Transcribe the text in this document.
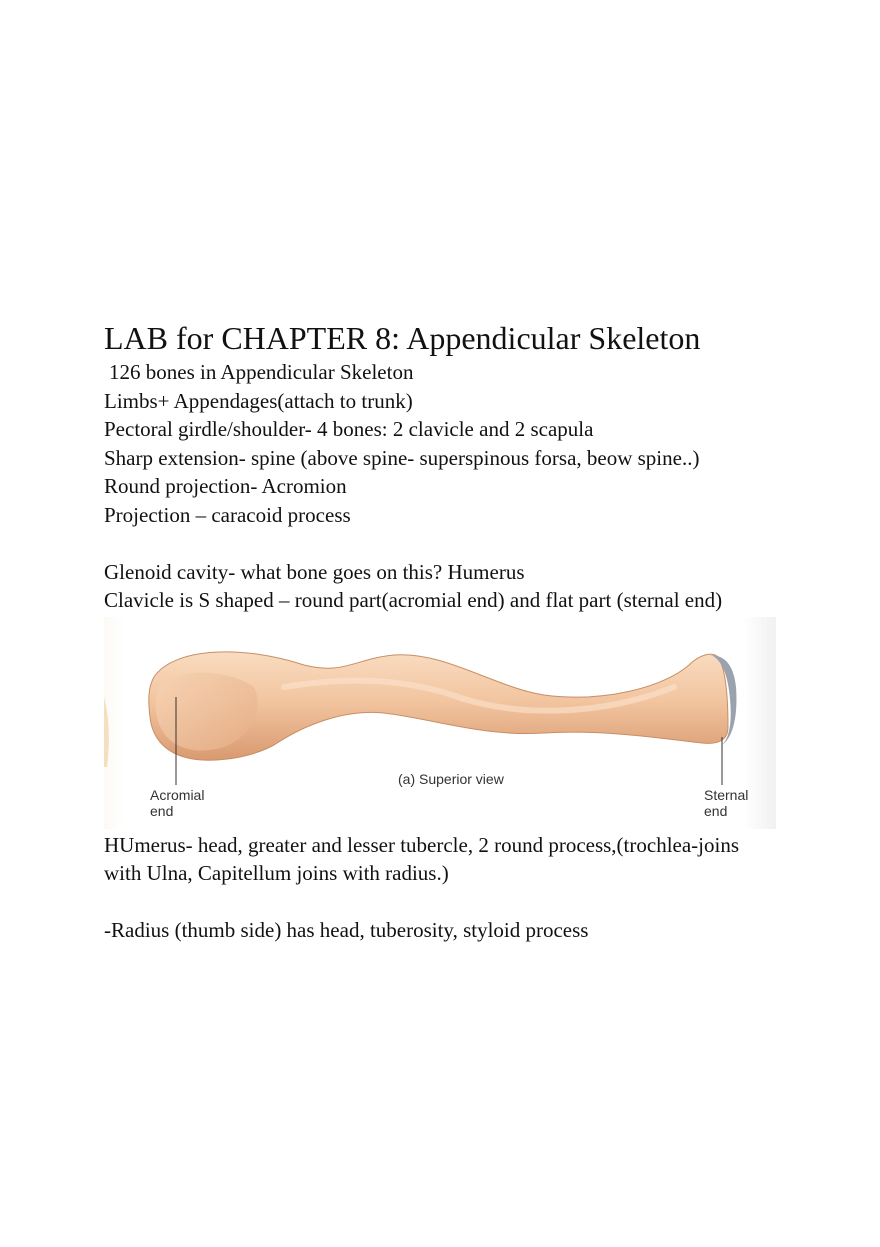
LAB for CHAPTER 8: Appendicular Skeleton

126 bones in Appendicular Skeleton

Limbs+ Appendages(attach to trunk)

Pectoral girdle/shoulder- 4 bones: 2 clavicle and 2 scapula

Sharp extension- spine (above spine- superspinous forsa, beow spine..)

Round projection- Acromion

Projection – caracoid process

Glenoid cavity- what bone goes on this? Humerus

Clavicle is S shaped – round part(acromial end) and flat part (sternal end)

(a) Superior view
Acromial end
Sternal end

HUmerus- head, greater and lesser tubercle, 2 round process,(trochlea-joins with Ulna, Capitellum joins with radius.)

-Radius (thumb side) has head, tuberosity, styloid process
